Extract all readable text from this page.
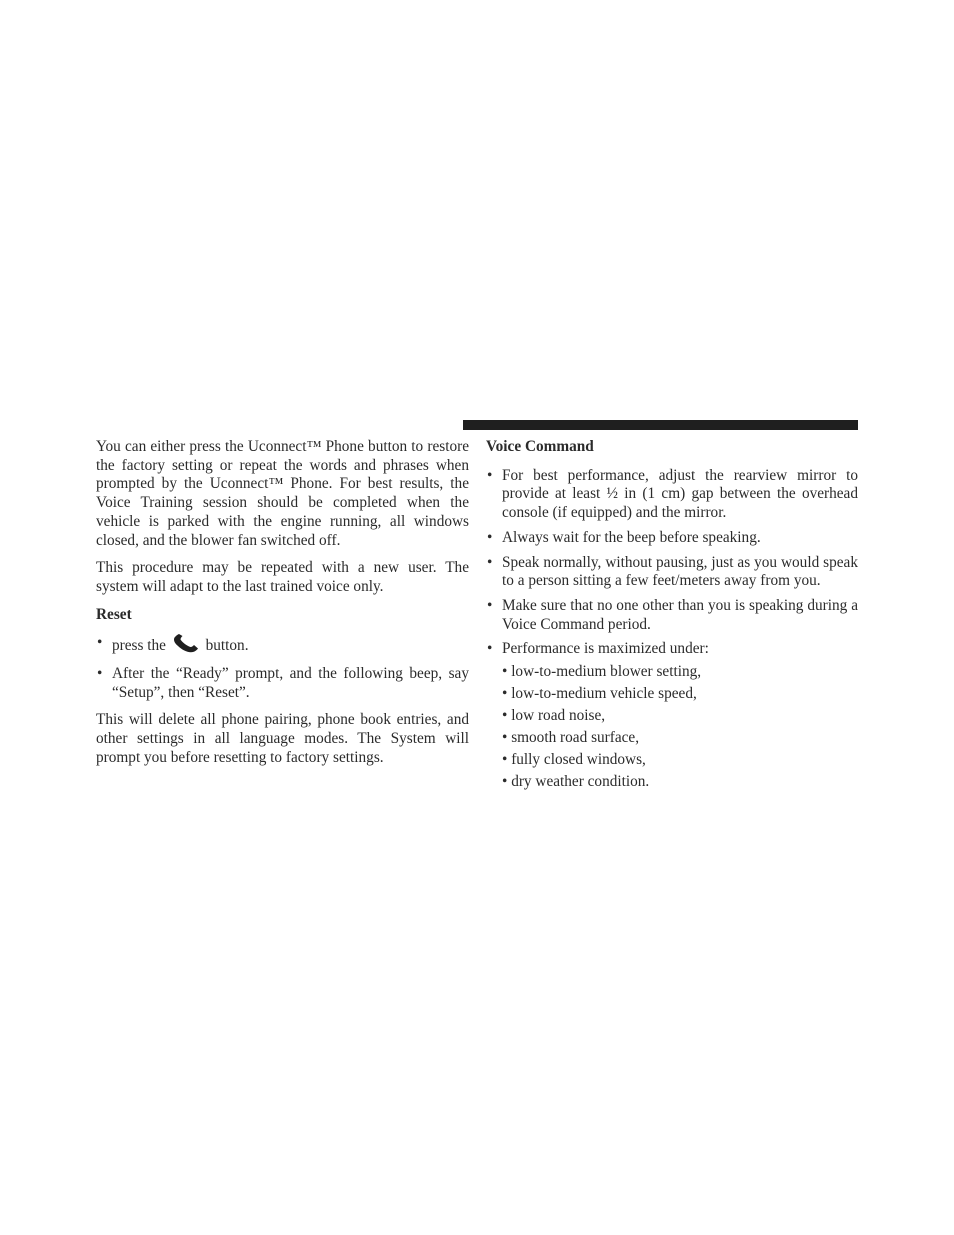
You can either press the Uconnect™ Phone button to restore the factory setting or repeat the words and phrases when prompted by the Uconnect™ Phone. For best results, the Voice Training session should be completed when the vehicle is parked with the engine running, all windows closed, and the blower fan switched off.

This procedure may be repeated with a new user. The system will adapt to the last trained voice only.

Reset
• press the	button.
• After the “Ready” prompt, and the following beep, say “Setup”, then “Reset”.

This will delete all phone pairing, phone book entries, and other settings in all language modes. The System will prompt you before resetting to factory settings.

Voice Command
• For best performance, adjust the rearview mirror to provide at least ½ in (1 cm) gap between the overhead console (if equipped) and the mirror.
• Always wait for the beep before speaking.
• Speak normally, without pausing, just as you would speak to a person sitting a few feet/meters away from you.
• Make sure that no one other than you is speaking during a Voice Command period.
• Performance is maximized under:
• low-to-medium blower setting,
• low-to-medium vehicle speed,
• low road noise,
• smooth road surface,
• fully closed windows,
• dry weather condition.
